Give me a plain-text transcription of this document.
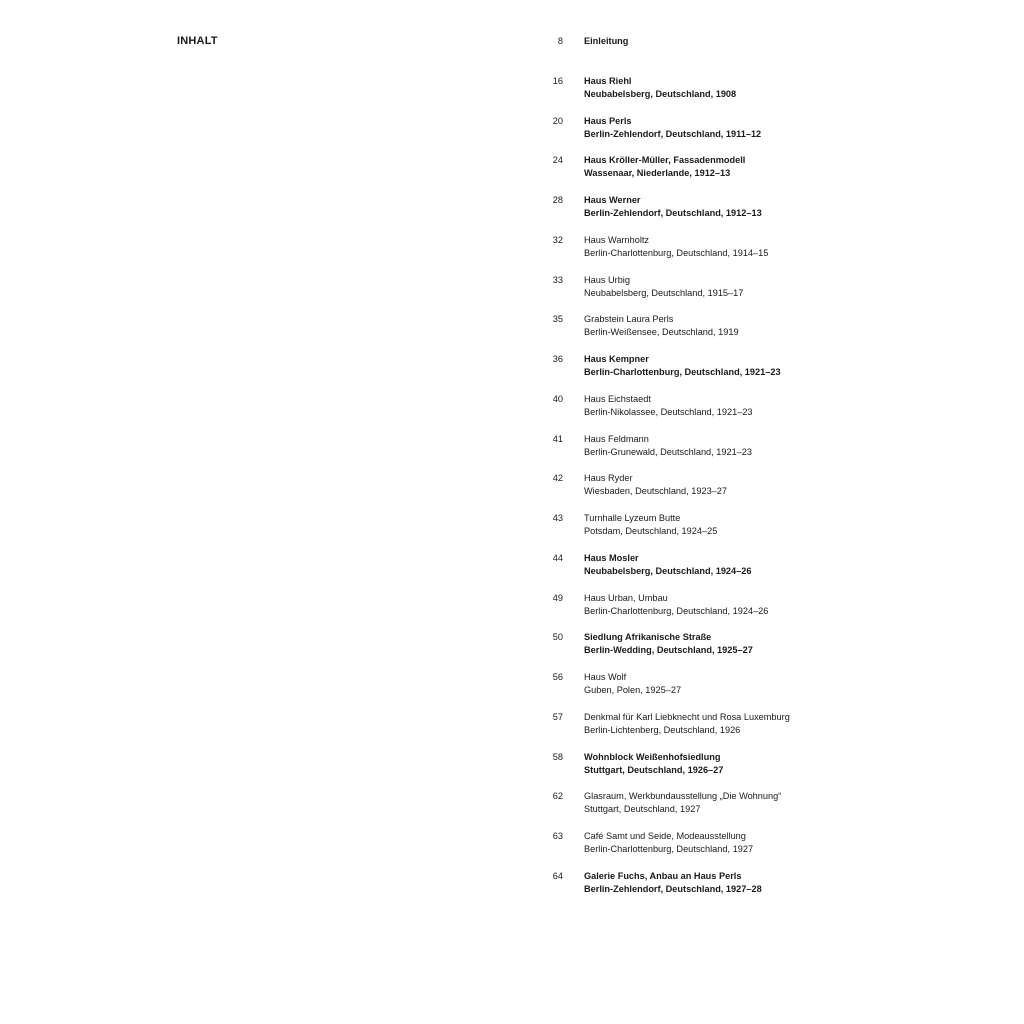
INHALT	8 Einleitung
16 Haus Riehl
Neubabelsberg, Deutschland, 1908
20 Haus Perls
Berlin-Zehlendorf, Deutschland, 1911–12
24 Haus Kröller-Müller, Fassadenmodell
Wassenaar, Niederlande, 1912–13
28 Haus Werner
Berlin-Zehlendorf, Deutschland, 1912–13
32 Haus Warnholtz
Berlin-Charlottenburg, Deutschland, 1914–15
33 Haus Urbig
Neubabelsberg, Deutschland, 1915–17
35 Grabstein Laura Perls
Berlin-Weißensee, Deutschland, 1919
36 Haus Kempner
Berlin-Charlottenburg, Deutschland, 1921–23
40 Haus Eichstaedt
Berlin-Nikolassee, Deutschland, 1921–23
41 Haus Feldmann
Berlin-Grunewald, Deutschland, 1921–23
42 Haus Ryder
Wiesbaden, Deutschland, 1923–27
43 Turnhalle Lyzeum Butte
Potsdam, Deutschland, 1924–25
44 Haus Mosler
Neubabelsberg, Deutschland, 1924–26
49 Haus Urban, Umbau
Berlin-Charlottenburg, Deutschland, 1924–26
50 Siedlung Afrikanische Straße
Berlin-Wedding, Deutschland, 1925–27
56 Haus Wolf
Guben, Polen, 1925–27
57 Denkmal für Karl Liebknecht und Rosa Luxemburg
Berlin-Lichtenberg, Deutschland, 1926
58 Wohnblock Weißenhofsiedlung
Stuttgart, Deutschland, 1926–27
62 Glasraum, Werkbundausstellung „Die Wohnung“
Stuttgart, Deutschland, 1927
63 Café Samt und Seide, Modeausstellung
Berlin-Charlottenburg, Deutschland, 1927
64 Galerie Fuchs, Anbau an Haus Perls
Berlin-Zehlendorf, Deutschland, 1927–28
